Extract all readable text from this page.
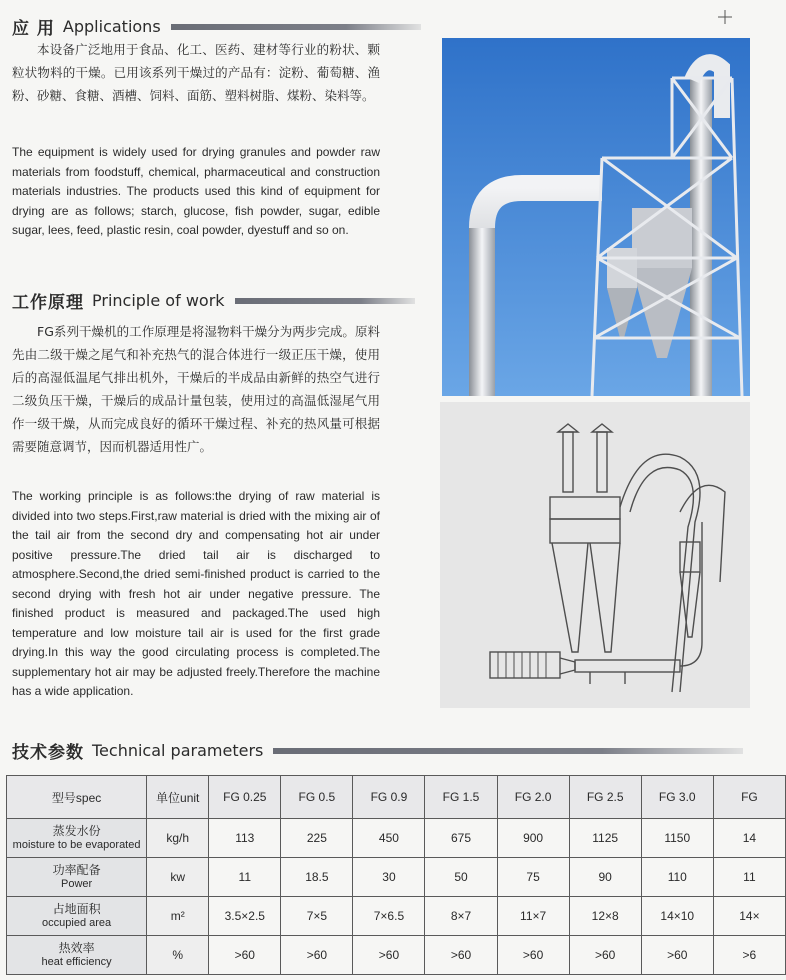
应 用 Applications

本设备广泛地用于食品、化工、医药、建材等行业的粉状、颗粒状物料的干燥。已用该系列干燥过的产品有：淀粉、葡萄糖、渔粉、砂糖、食糖、酒槽、饲料、面筋、塑料树脂、煤粉、染料等。

The equipment is widely used for drying granules and powder raw materials from foodstuff, chemical, pharmaceutical and construction materials industries. The products used this kind of equipment for drying are as follows; starch, glucose, fish powder, sugar, edible sugar, lees, feed, plastic resin, coal powder, dyestuff and so on.

工作原理 Principle of work

FG系列干燥机的工作原理是将湿物料干燥分为两步完成。原料先由二级干燥之尾气和补充热气的混合体进行一级正压干燥，使用后的高湿低温尾气排出机外，干燥后的半成品由新鲜的热空气进行二级负压干燥，干燥后的成品计量包装，使用过的高温低湿尾气用作一级干燥，从而完成良好的循环干燥过程、补充的热风量可根据需要随意调节，因而机器适用性广。

The working principle is as follows:the drying of raw material is divided into two steps.First,raw material is dried with the mixing air of the tail air from the second dry and compensating hot air under positive pressure.The dried tail air is discharged to atmosphere.Second,the dried semi-finished product is carried to the second drying with fresh hot air under negative pressure. The finished product is measured and packaged.The used high temperature and low moisture tail air is used for the first grade drying.In this way the good circulating process is completed.The supplementary hot air may be adjusted freely.Therefore the machine has a wide application.

技术参数 Technical parameters
型号spec	单位unit	FG 0.25	FG 0.5	FG 0.9	FG 1.5	FG 2.0	FG 2.5	FG 3.0	FG

蒸发水份
moisture to be evaporated	kg/h	113	225	450	675	900	1125	1150	14

功率配备
Power	kw	11	18.5	30	50	75	90	110	11

占地面积
occupied area	m²	3.5×2.5	7×5	7×6.5	8×7	11×7	12×8	14×10	14×

热效率
heat efficiency	%	>60	>60	>60	>60	>60	>60	>60	>6
